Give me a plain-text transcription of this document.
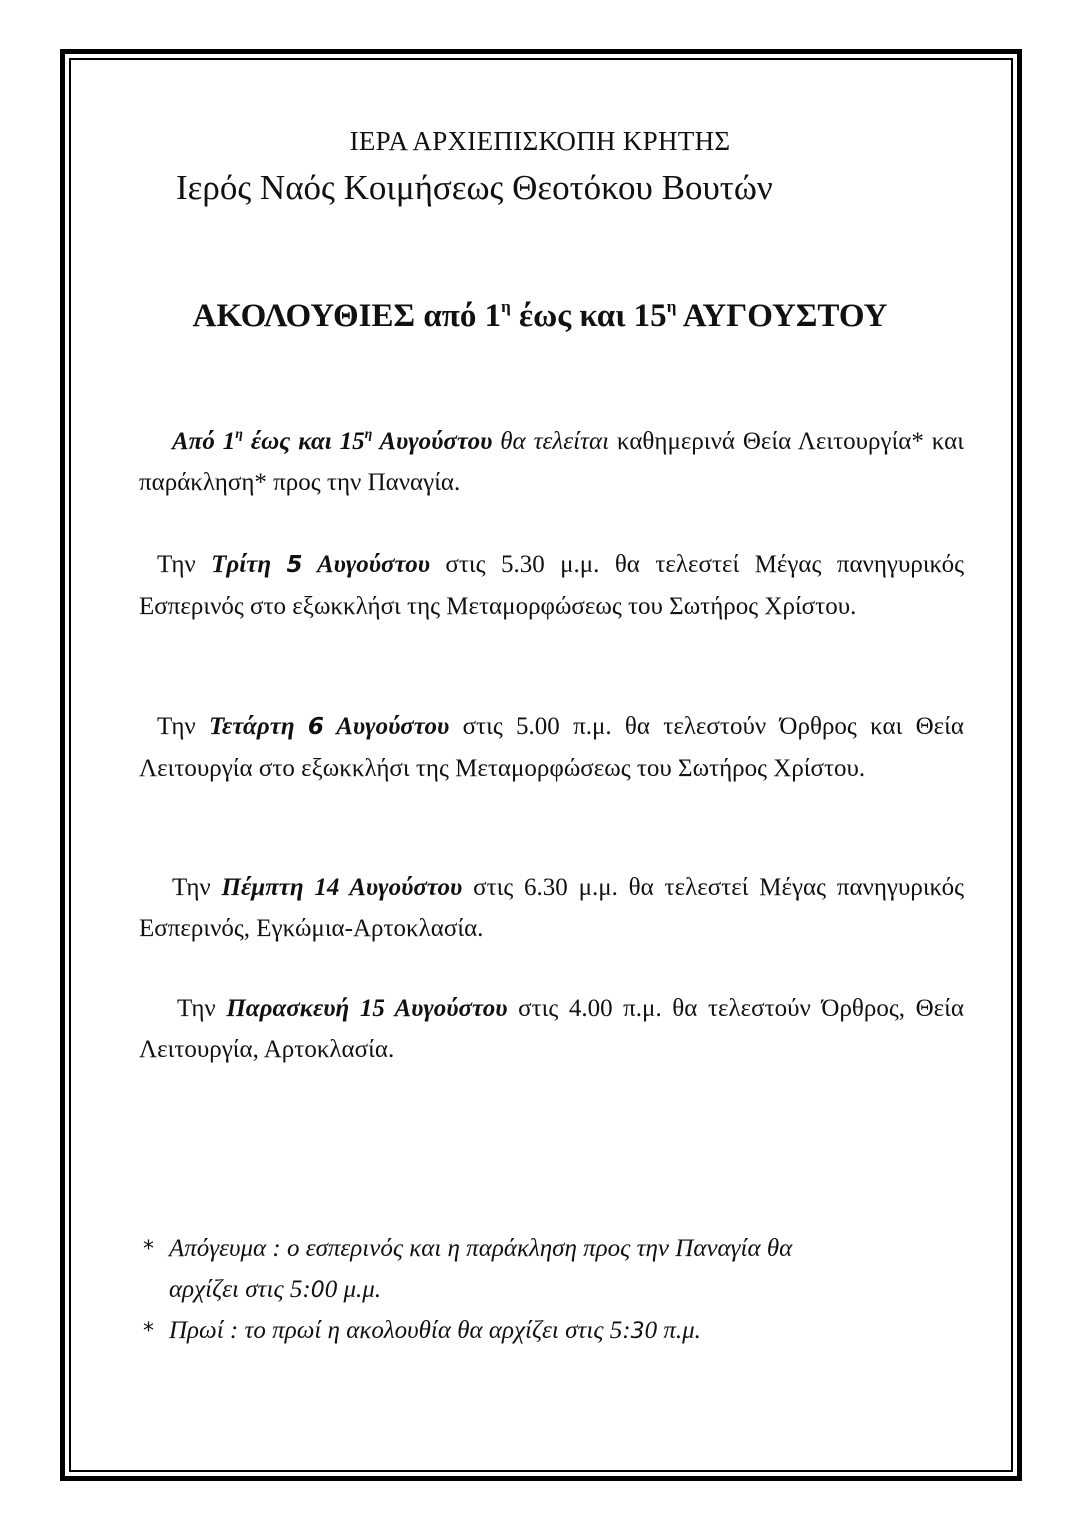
ΙΕΡΑ ΑΡΧΙΕΠΙΣΚΟΠΗ ΚΡΗΤΗΣ

Ιερός Ναός Κοιμήσεως Θεοτόκου Βουτών

ΑΚΟΛΟΥΘΙΕΣ από $1^\eta$ έως και $15^\eta$ ΑΥΓΟΥΣΤΟΥ

Από $1^\eta$ έως και $15^\eta$ Αυγούστου θα τελείται καθημερινά Θεία Λειτουργία* και παράκληση* προς την Παναγία.

Την Τρίτη 5 Αυγούστου στις 5.30 μ.μ. θα τελεστεί Μέγας πανηγυρικός Εσπερινός στο εξωκκλήσι της Μεταμορφώσεως του Σωτήρος Χρίστου.

Την Τετάρτη 6 Αυγούστου στις 5.00 π.μ. θα τελεστούν Όρθρος και Θεία Λειτουργία στο εξωκκλήσι της Μεταμορφώσεως του Σωτήρος Χρίστου.

Την Πέμπτη 14 Αυγούστου στις 6.30 μ.μ. θα τελεστεί Μέγας πανηγυρικός Εσπερινός, Εγκώμια-Αρτοκλασία.

Την Παρασκευή 15 Αυγούστου στις 4.00 π.μ. θα τελεστούν Όρθρος, Θεία Λειτουργία, Αρτοκλασία.

* Απόγευμα : ο εσπερινός και η παράκληση προς την Παναγία θα
αρχίζει στις 5:00 μ.μ.

* Πρωί : το πρωί η ακολουθία θα αρχίζει στις 5:30 π.μ.
